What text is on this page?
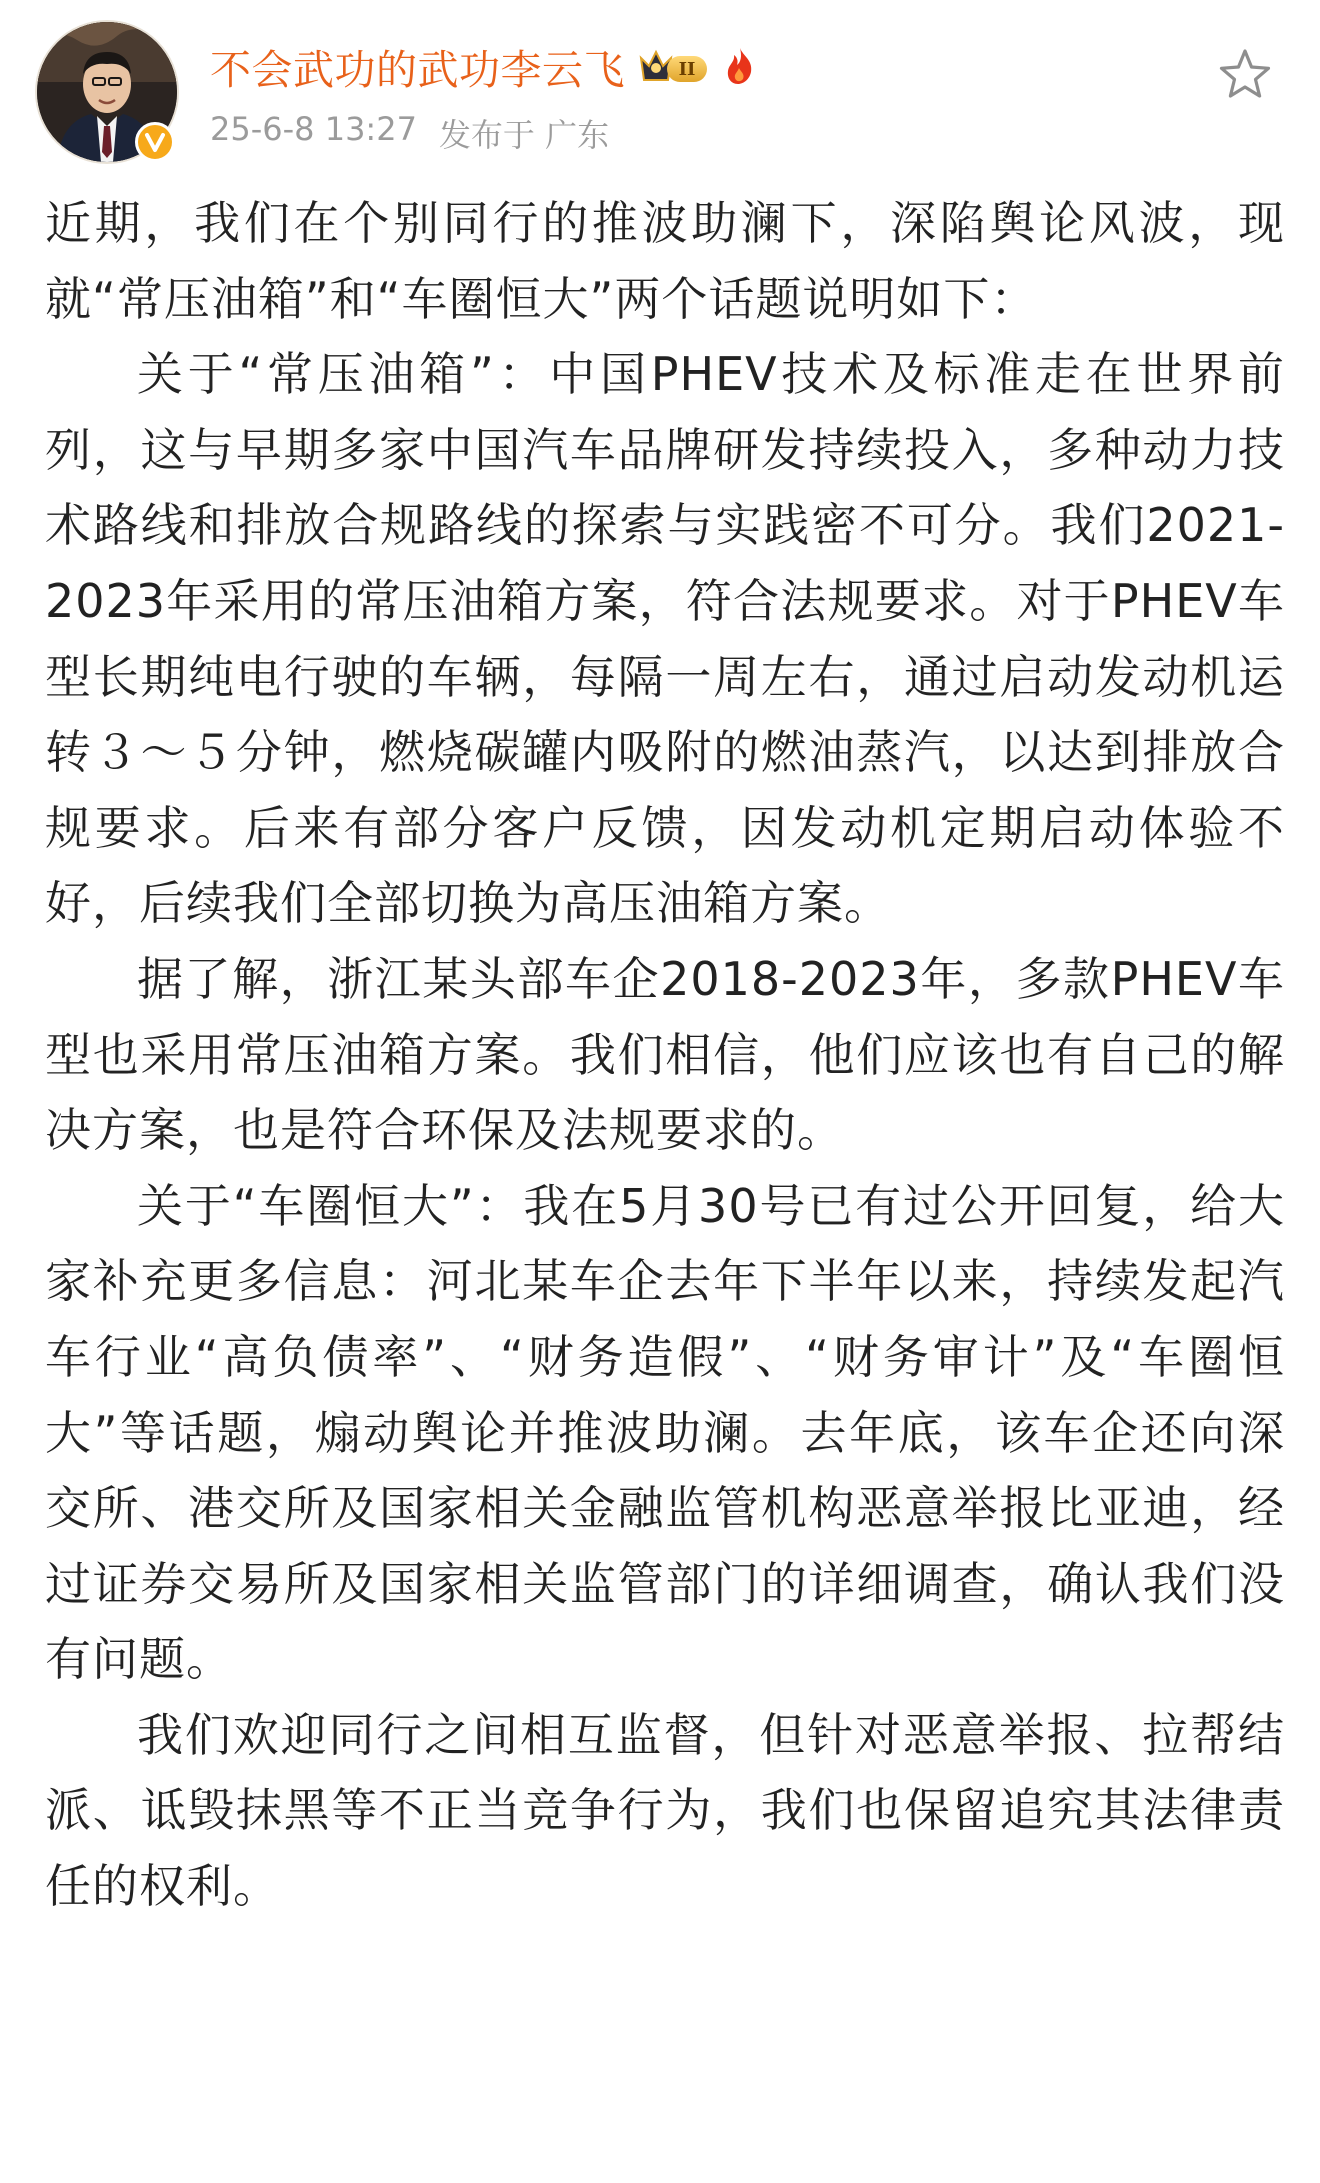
不会武功的武功李云飞	II
25-6-8 13:27 发布于 广东

近期，我们在个别同行的推波助澜下，深陷舆论风波，现就“常压油箱”和“车圈恒大”两个话题说明如下：

关于“常压油箱”：中国PHEV技术及标准走在世界前列，这与早期多家中国汽车品牌研发持续投入，多种动力技术路线和排放合规路线的探索与实践密不可分。我们2021-2023年采用的常压油箱方案，符合法规要求。对于PHEV车型长期纯电行驶的车辆，每隔一周左右，通过启动发动机运转３～５分钟，燃烧碳罐内吸附的燃油蒸汽，以达到排放合规要求。后来有部分客户反馈，因发动机定期启动体验不好，后续我们全部切换为高压油箱方案。

据了解，浙江某头部车企2018-2023年，多款PHEV车型也采用常压油箱方案。我们相信，他们应该也有自己的解决方案，也是符合环保及法规要求的。

关于“车圈恒大”：我在5月30号已有过公开回复，给大家补充更多信息：河北某车企去年下半年以来，持续发起汽车行业“高负债率”、“财务造假”、“财务审计”及“车圈恒大”等话题，煽动舆论并推波助澜。去年底，该车企还向深交所、港交所及国家相关金融监管机构恶意举报比亚迪，经过证券交易所及国家相关监管部门的详细调查，确认我们没有问题。

我们欢迎同行之间相互监督，但针对恶意举报、拉帮结派、诋毁抹黑等不正当竞争行为，我们也保留追究其法律责任的权利。
